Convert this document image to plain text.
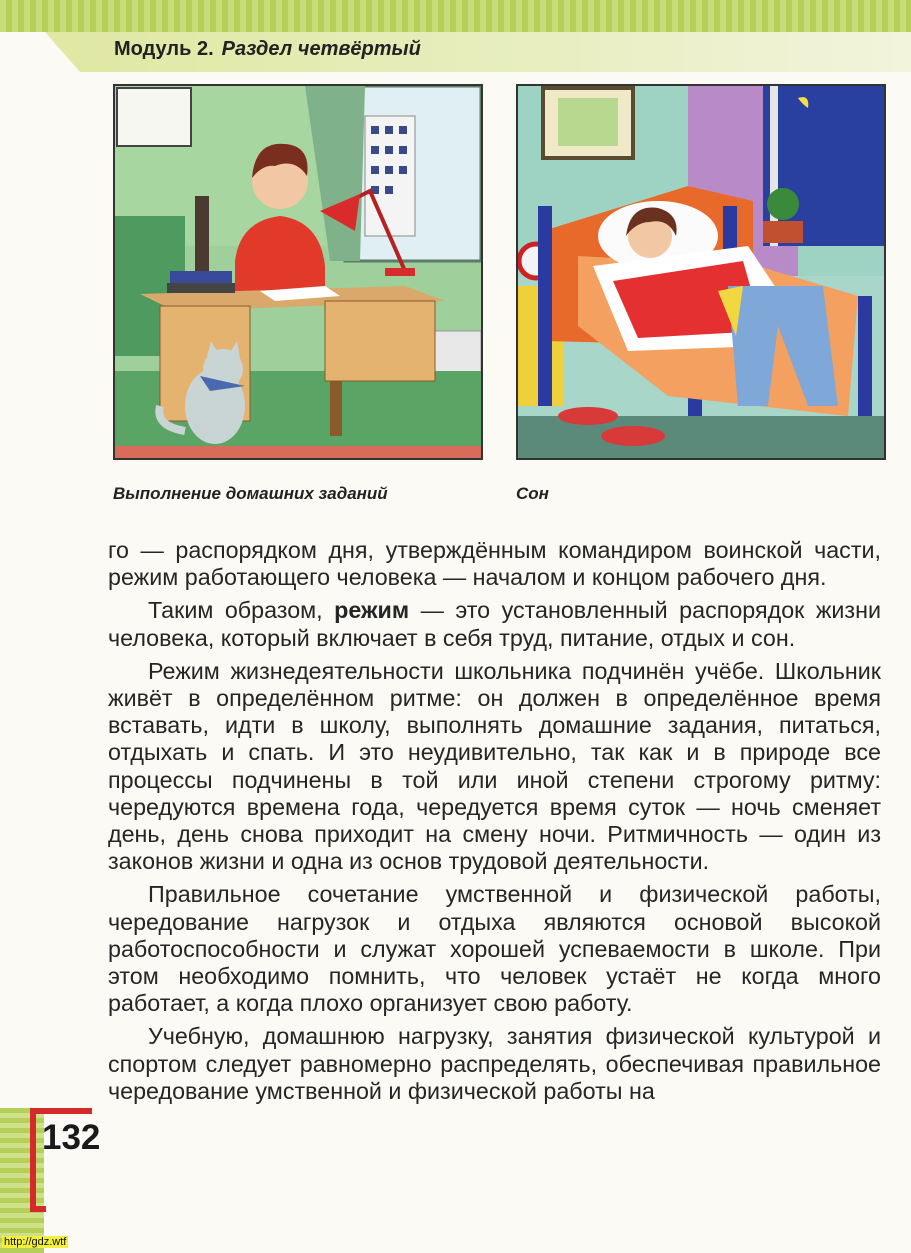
Модуль 2. Раздел четвёртый
Выполнение домашних заданий	Сон

го — распорядком дня, утверждённым командиром воинской части, режим работающего человека — началом и концом рабочего дня.

Таким образом, режим — это установленный распорядок жизни человека, который включает в себя труд, питание, отдых и сон.

Режим жизнедеятельности школьника подчинён учёбе. Школьник живёт в определённом ритме: он должен в определённое время вставать, идти в школу, выполнять домашние задания, питаться, отдыхать и спать. И это неудивительно, так как и в природе все процессы подчинены в той или иной степени строгому ритму: чередуются времена года, чередуется время суток — ночь сменяет день, день снова приходит на смену ночи. Ритмичность — один из законов жизни и одна из основ трудовой деятельности.

Правильное сочетание умственной и физической работы, чередование нагрузок и отдыха являются основой высокой работоспособности и служат хорошей успеваемости в школе. При этом необходимо помнить, что человек устаёт не когда много работает, а когда плохо организует свою работу.

Учебную, домашнюю нагрузку, занятия физической культурой и спортом следует равномерно распределять, обеспечивая правильное чередование умственной и физической работы на

132
http://gdz.wtf
